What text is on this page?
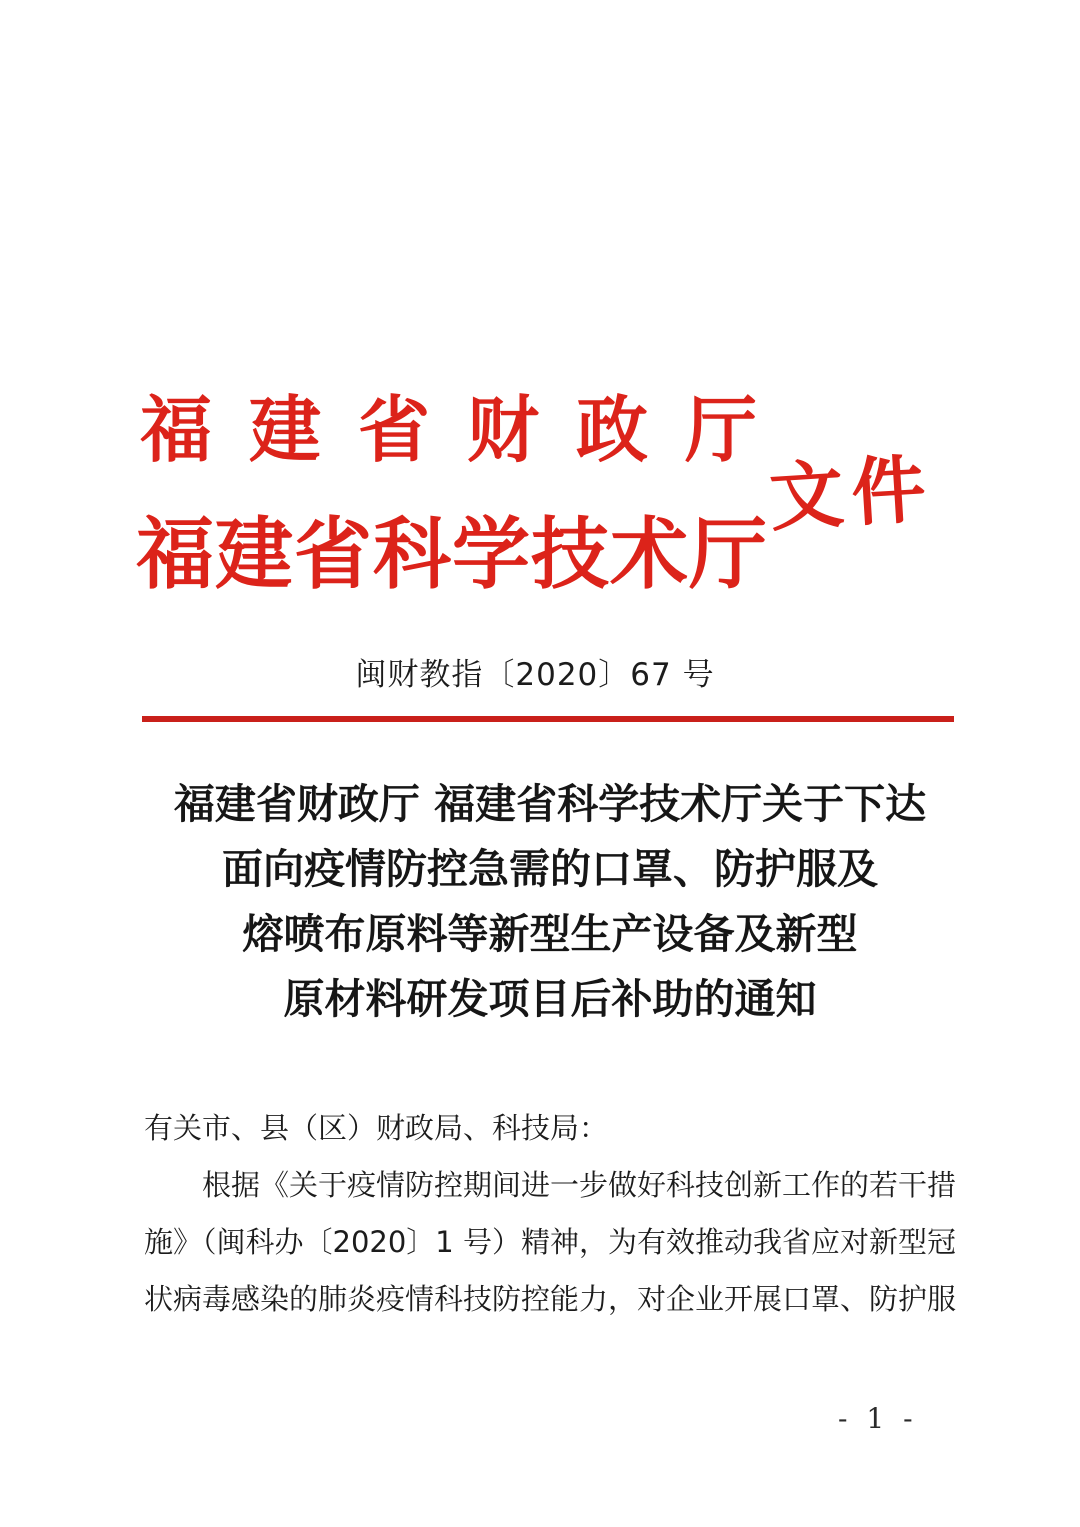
福建省财政厅
福建省科学技术厅
文件
闽财教指〔2020〕67 号
福建省财政厅 福建省科学技术厅关于下达
面向疫情防控急需的口罩、防护服及
熔喷布原料等新型生产设备及新型
原材料研发项目后补助的通知
有关市、县（区）财政局、科技局：
根据《关于疫情防控期间进一步做好科技创新工作的若干措
施》（闽科办〔2020〕1 号）精神，为有效推动我省应对新型冠
状病毒感染的肺炎疫情科技防控能力，对企业开展口罩、防护服
- 1 -
